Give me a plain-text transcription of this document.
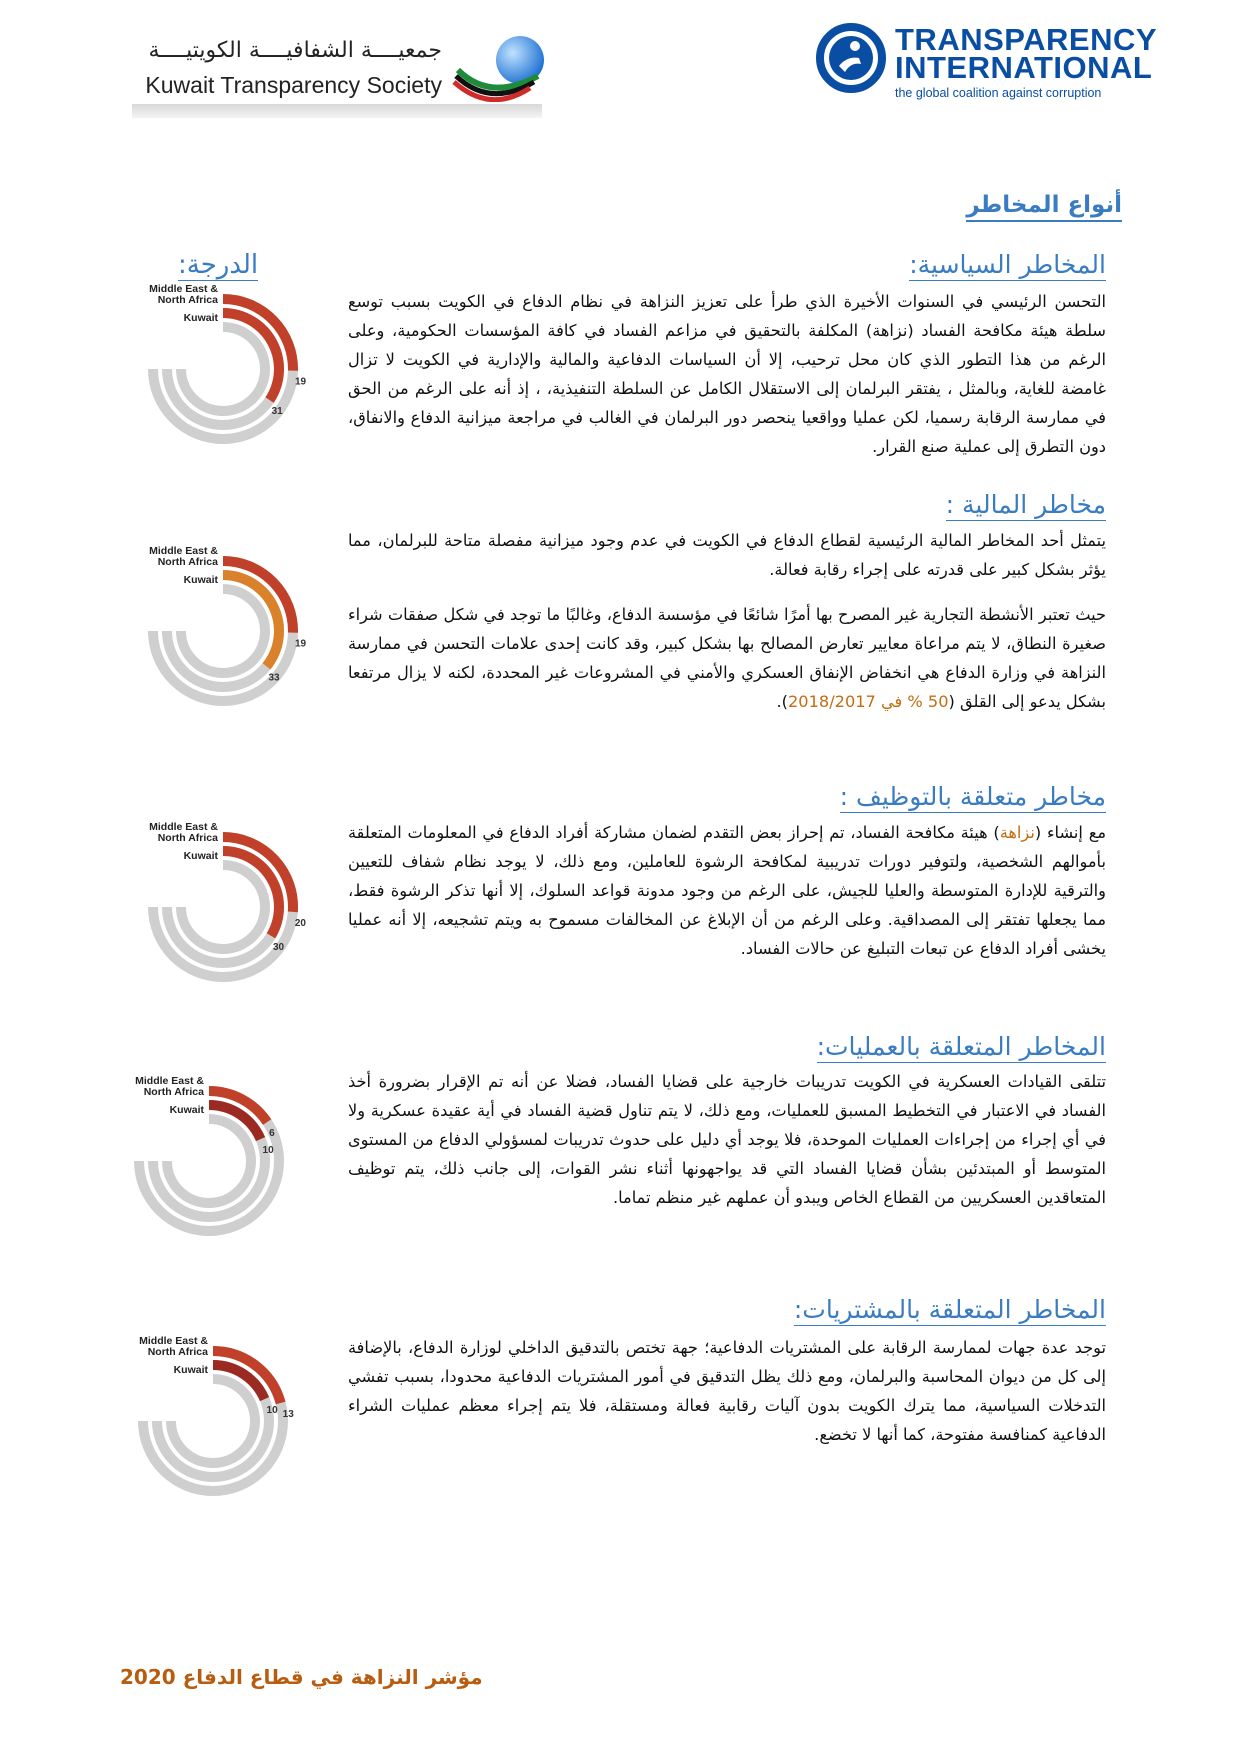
TRANSPARENCY
INTERNATIONAL
the global coalition against corruption
جمعيــــة الشفافيــــة الكويتيــــة
Kuwait Transparency Society
أنواع المخاطر
الدرجة:	المخاطر السياسية:
التحسن الرئيسي في السنوات الأخيرة الذي طرأ على تعزيز النزاهة في نظام الدفاع في الكويت بسبب توسع سلطة هيئة مكافحة الفساد (نزاهة) المكلفة بالتحقيق في مزاعم الفساد في كافة المؤسسات الحكومية، وعلى الرغم من هذا التطور الذي كان محل ترحيب، إلا أن السياسات الدفاعية والمالية والإدارية في الكويت لا تزال غامضة للغاية، وبالمثل ، يفتقر البرلمان إلى الاستقلال الكامل عن السلطة التنفيذية، ، إذ أنه على الرغم من الحق في ممارسة الرقابة رسميا، لكن عمليا وواقعيا ينحصر دور البرلمان في الغالب في مراجعة ميزانية الدفاع والانفاق، دون التطرق إلى عملية صنع القرار.
19
31
Middle East &
North Africa
Kuwait
مخاطر المالية :
يتمثل أحد المخاطر المالية الرئيسية لقطاع الدفاع في الكويت في عدم وجود ميزانية مفصلة متاحة للبرلمان، مما يؤثر بشكل كبير على قدرته على إجراء رقابة فعالة.
حيث تعتبر الأنشطة التجارية غير المصرح بها أمرًا شائعًا في مؤسسة الدفاع، وغالبًا ما توجد في شكل صفقات شراء صغيرة النطاق، لا يتم مراعاة معايير تعارض المصالح بها بشكل كبير، وقد كانت إحدى علامات التحسن في ممارسة النزاهة في وزارة الدفاع هي انخفاض الإنفاق العسكري والأمني في المشروعات غير المحددة، لكنه لا يزال مرتفعا بشكل يدعو إلى القلق (50 % في 2018/2017).
19
33
Middle East &
North Africa
Kuwait
مخاطر متعلقة بالتوظيف :
مع إنشاء (نزاهة) هيئة مكافحة الفساد، تم إحراز بعض التقدم لضمان مشاركة أفراد الدفاع في المعلومات المتعلقة بأموالهم الشخصية، ولتوفير دورات تدريبية لمكافحة الرشوة للعاملين، ومع ذلك، لا يوجد نظام شفاف للتعيين والترقية للإدارة المتوسطة والعليا للجيش، على الرغم من وجود مدونة قواعد السلوك، إلا أنها تذكر الرشوة فقط، مما يجعلها تفتقر إلى المصداقية. وعلى الرغم من أن الإبلاغ عن المخالفات مسموح به ويتم تشجيعه، إلا أنه عمليا يخشى أفراد الدفاع عن تبعات التبليغ عن حالات الفساد.
20
30
Middle East &
North Africa
Kuwait
المخاطر المتعلقة بالعمليات:
تتلقى القيادات العسكرية في الكويت تدريبات خارجية على قضايا الفساد، فضلا عن أنه تم الإقرار بضرورة أخذ الفساد في الاعتبار في التخطيط المسبق للعمليات، ومع ذلك، لا يتم تناول قضية الفساد في أية عقيدة عسكرية ولا في أي إجراء من إجراءات العمليات الموحدة، فلا يوجد أي دليل على حدوث تدريبات لمسؤولي الدفاع من المستوى المتوسط أو المبتدئين بشأن قضايا الفساد التي قد يواجهونها أثناء نشر القوات، إلى جانب ذلك، يتم توظيف المتعاقدين العسكريين من القطاع الخاص ويبدو أن عملهم غير منظم تماما.
6
10
Middle East &
North Africa
Kuwait
المخاطر المتعلقة بالمشتريات:
توجد عدة جهات لممارسة الرقابة على المشتريات الدفاعية؛ جهة تختص بالتدقيق الداخلي لوزارة الدفاع، بالإضافة إلى كل من ديوان المحاسبة والبرلمان، ومع ذلك يظل التدقيق في أمور المشتريات الدفاعية محدودا، بسبب تفشي التدخلات السياسية، مما يترك الكويت بدون آليات رقابية فعالة ومستقلة، فلا يتم إجراء معظم عمليات الشراء الدفاعية كمنافسة مفتوحة، كما أنها لا تخضع.
13
10
Middle East &
North Africa
Kuwait
مؤشر النزاهة في قطاع الدفاع 2020
